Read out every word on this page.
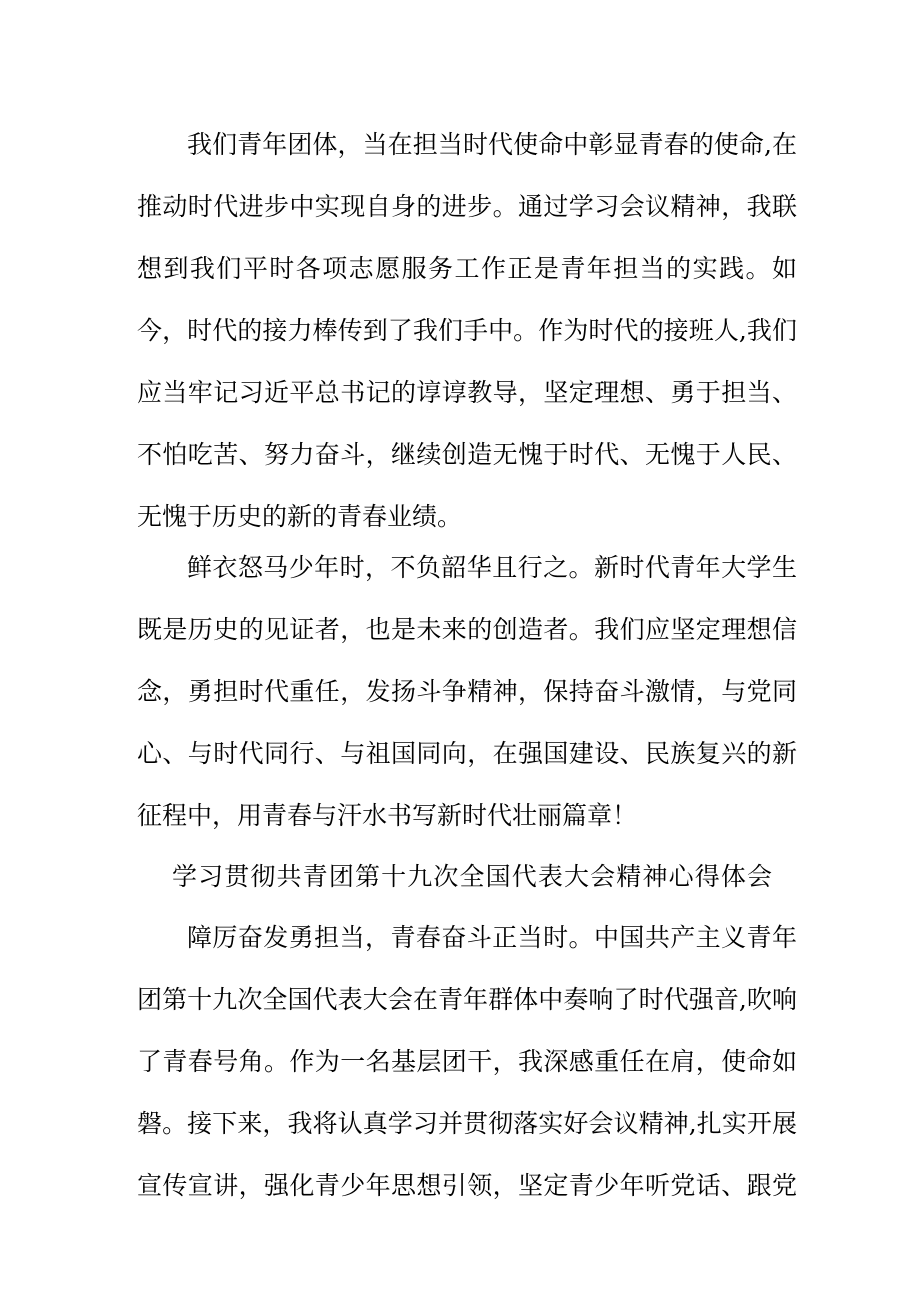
我们青年团体，当在担当时代使命中彰显青春的使命,在
推动时代进步中实现自身的进步。通过学习会议精神，我联
想到我们平时各项志愿服务工作正是青年担当的实践。如
今，时代的接力棒传到了我们手中。作为时代的接班人,我们
应当牢记习近平总书记的谆谆教导，坚定理想、勇于担当、
不怕吃苦、努力奋斗，继续创造无愧于时代、无愧于人民、
无愧于历史的新的青春业绩。
鲜衣怒马少年时，不负韶华且行之。新时代青年大学生
既是历史的见证者，也是未来的创造者。我们应坚定理想信
念，勇担时代重任，发扬斗争精神，保持奋斗激情，与党同
心、与时代同行、与祖国同向，在强国建设、民族复兴的新
征程中，用青春与汗水书写新时代壮丽篇章！
学习贯彻共青团第十九次全国代表大会精神心得体会
障厉奋发勇担当，青春奋斗正当时。中国共产主义青年
团第十九次全国代表大会在青年群体中奏响了时代强音,吹响
了青春号角。作为一名基层团干，我深感重任在肩，使命如
磐。接下来，我将认真学习并贯彻落实好会议精神,扎实开展
宣传宣讲，强化青少年思想引领，坚定青少年听党话、跟党
